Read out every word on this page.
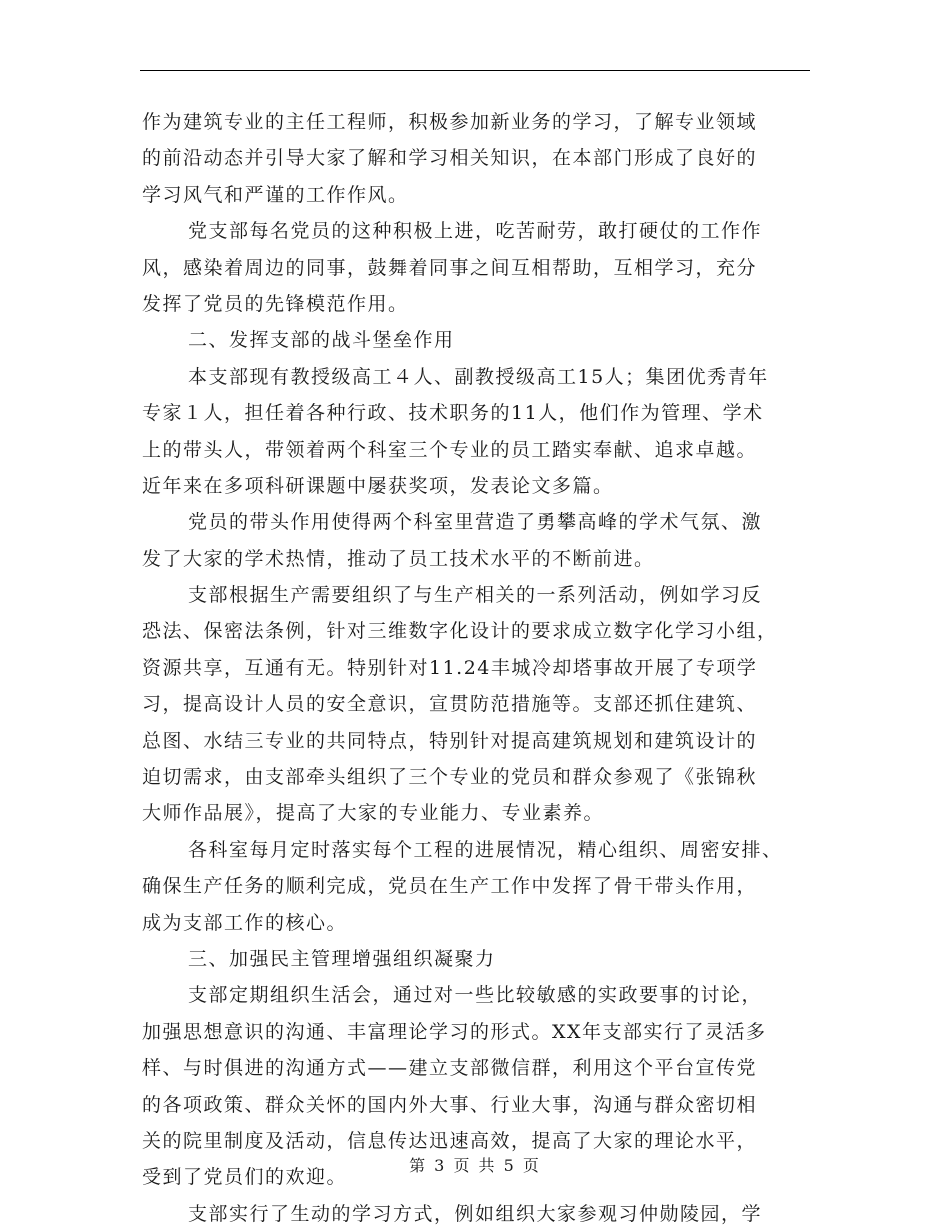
作为建筑专业的主任工程师，积极参加新业务的学习，了解专业领域
的前沿动态并引导大家了解和学习相关知识，在本部门形成了良好的
学习风气和严谨的工作作风。
党支部每名党员的这种积极上进，吃苦耐劳，敢打硬仗的工作作
风，感染着周边的同事，鼓舞着同事之间互相帮助，互相学习，充分
发挥了党员的先锋模范作用。
二、发挥支部的战斗堡垒作用
本支部现有教授级高工４人、副教授级高工15人；集团优秀青年
专家１人，担任着各种行政、技术职务的11人，他们作为管理、学术
上的带头人，带领着两个科室三个专业的员工踏实奉献、追求卓越。
近年来在多项科研课题中屡获奖项，发表论文多篇。
党员的带头作用使得两个科室里营造了勇攀高峰的学术气氛、激
发了大家的学术热情，推动了员工技术水平的不断前进。
支部根据生产需要组织了与生产相关的一系列活动，例如学习反
恐法、保密法条例，针对三维数字化设计的要求成立数字化学习小组，
资源共享，互通有无。特别针对11.24丰城冷却塔事故开展了专项学
习，提高设计人员的安全意识，宣贯防范措施等。支部还抓住建筑、
总图、水结三专业的共同特点，特别针对提高建筑规划和建筑设计的
迫切需求，由支部牵头组织了三个专业的党员和群众参观了《张锦秋
大师作品展》，提高了大家的专业能力、专业素养。
各科室每月定时落实每个工程的进展情况，精心组织、周密安排、
确保生产任务的顺利完成，党员在生产工作中发挥了骨干带头作用，
成为支部工作的核心。
三、加强民主管理增强组织凝聚力
支部定期组织生活会，通过对一些比较敏感的实政要事的讨论，
加强思想意识的沟通、丰富理论学习的形式。XX年支部实行了灵活多
样、与时俱进的沟通方式——建立支部微信群，利用这个平台宣传党
的各项政策、群众关怀的国内外大事、行业大事，沟通与群众密切相
关的院里制度及活动，信息传达迅速高效，提高了大家的理论水平，
受到了党员们的欢迎。
支部实行了生动的学习方式，例如组织大家参观习仲勋陵园，学
第 3 页 共 5 页
